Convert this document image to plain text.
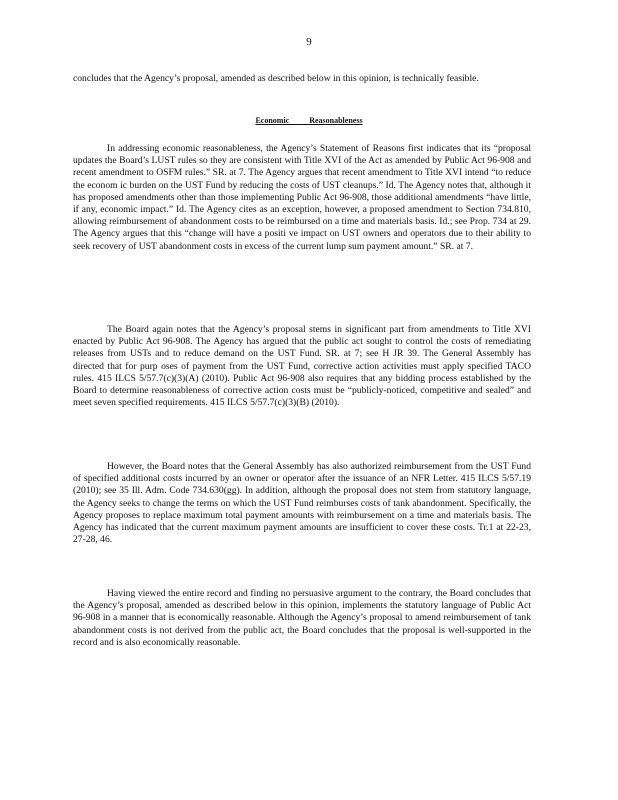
9

concludes that the Agency’s proposal, amended as described below in this opinion, is technically feasible.

Economic Reasonableness

In addressing economic reasonableness, the Agency’s Statement of Reasons first indicates that its “proposal updates the Board’s LUST rules so they are consistent with Title XVI of the Act as amended by Public Act 96-908 and recent amendment to OSFM rules.” SR. at 7. The Agency argues that recent amendment to Title XVI intend “to reduce the econom ic burden on the UST Fund by reducing the costs of UST cleanups.” Id. The Agency notes that, although it has proposed amendments other than those implementing Public Act 96-908, those additional amendments “have little, if any, economic impact.” Id. The Agency cites as an exception, however, a proposed amendment to Section 734.810, allowing reimbursement of abandonment costs to be reimbursed on a time and materials basis. Id.; see Prop. 734 at 29. The Agency argues that this “change will have a positi ve impact on UST owners and operators due to their ability to seek recovery of UST abandonment costs in excess of the current lump sum payment amount.” SR. at 7.

The Board again notes that the Agency’s proposal stems in significant part from amendments to Title XVI enacted by Public Act 96-908. The Agency has argued that the public act sought to control the costs of remediating releases from USTs and to reduce demand on the UST Fund. SR. at 7; see H JR 39. The General Assembly has directed that for purp oses of payment from the UST Fund, corrective action activities must apply specified TACO rules. 415 ILCS 5/57.7(c)(3)(A) (2010). Public Act 96-908 also requires that any bidding process established by the Board to determine reasonableness of corrective action costs must be “publicly-noticed, competitive and sealed” and meet seven specified requirements. 415 ILCS 5/57.7(c)(3)(B) (2010).

However, the Board notes that the General Assembly has also authorized reimbursement from the UST Fund of specified additional costs incurred by an owner or operator after the issuance of an NFR Letter. 415 ILCS 5/57.19 (2010); see 35 Ill. Adm. Code 734.630(gg). In addition, although the proposal does not stem from statutory language, the Agency seeks to change the terms on which the UST Fund reimburses costs of tank abandonment. Specifically, the Agency proposes to replace maximum total payment amounts with reimbursement on a time and materials basis. The Agency has indicated that the current maximum payment amounts are insufficient to cover these costs. Tr.1 at 22-23, 27-28, 46.

Having viewed the entire record and finding no persuasive argument to the contrary, the Board concludes that the Agency’s proposal, amended as described below in this opinion, implements the statutory language of Public Act 96-908 in a manner that is economically reasonable. Although the Agency’s proposal to amend reimbursement of tank abandonment costs is not derived from the public act, the Board concludes that the proposal is well-supported in the record and is also economically reasonable.
